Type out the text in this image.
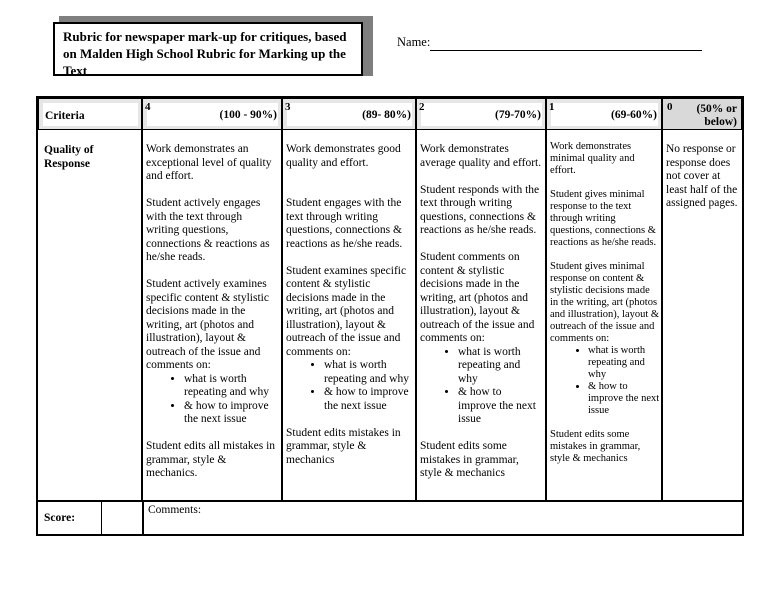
Rubric for newspaper mark-up for critiques, based on Malden High School Rubric for Marking up the Text
Name:
Criteria
4
(100 - 90%)
3
(89- 80%)
2
(79-70%)
1
(69-60%)
0	(50% or below)
Quality of Response

Work demonstrates an exceptional level of quality and effort.

Student actively engages with the text through writing questions, connections & reactions as he/she reads.

Student actively examines specific content & stylistic decisions made in the writing, art (photos and illustration), layout & outreach of the issue and comments on:

• what is worth repeating and why
• & how to improve the next issue

Student edits all mistakes in grammar, style & mechanics.

Work demonstrates good quality and effort.

Student engages with the text through writing questions, connections & reactions as he/she reads.

Student examines specific content & stylistic decisions made in the writing, art (photos and illustration), layout & outreach of the issue and comments on:

• what is worth repeating and why
• & how to improve the next issue

Student edits mistakes in grammar, style & mechanics

Work demonstrates average quality and effort.

Student responds with the text through writing questions, connections & reactions as he/she reads.

Student comments on content & stylistic decisions made in the writing, art (photos and illustration), layout & outreach of the issue and comments on:

• what is worth repeating and why
• & how to improve the next issue

Student edits some mistakes in grammar, style & mechanics

Work demonstrates minimal quality and effort.

Student gives minimal response to the text through writing questions, connections & reactions as he/she reads.

Student gives minimal response on content & stylistic decisions made in the writing, art (photos and illustration), layout & outreach of the issue and comments on:

• what is worth repeating and why
• & how to improve the next issue

Student edits some mistakes in grammar, style & mechanics

No response or response does not cover at least half of the assigned pages.

Score:
Comments:
